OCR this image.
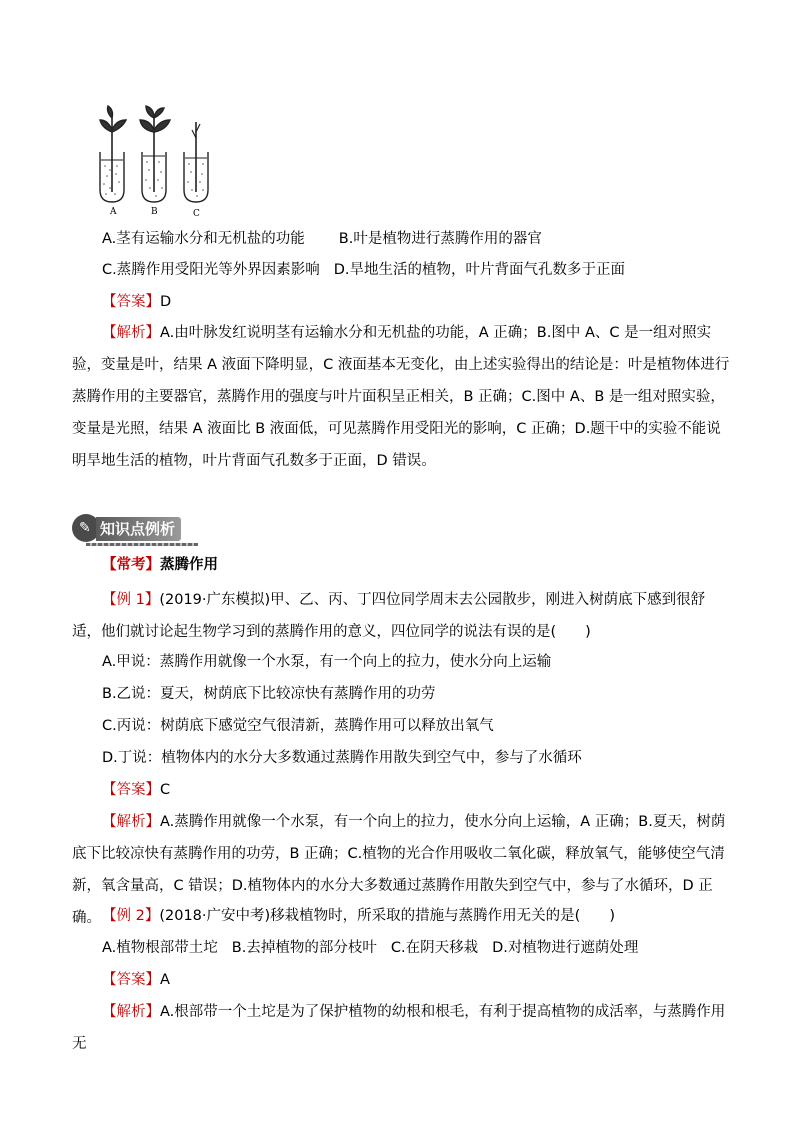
A	B	C
A.茎有运输水分和无机盐的功能 B.叶是植物进行蒸腾作用的器官
C.蒸腾作用受阳光等外界因素影响 D.旱地生活的植物，叶片背面气孔数多于正面
【答案】D
【解析】A.由叶脉发红说明茎有运输水分和无机盐的功能，A 正确；B.图中 A、C 是一组对照实验，变量是叶，结果 A 液面下降明显，C 液面基本无变化，由上述实验得出的结论是：叶是植物体进行蒸腾作用的主要器官，蒸腾作用的强度与叶片面积呈正相关，B 正确；C.图中 A、B 是一组对照实验，变量是光照，结果 A 液面比 B 液面低，可见蒸腾作用受阳光的影响，C 正确；D.题干中的实验不能说明旱地生活的植物，叶片背面气孔数多于正面，D 错误。
知识点例析
✎
【常考】蒸腾作用
【例 1】(2019·广东模拟)甲、乙、丙、丁四位同学周末去公园散步，刚进入树荫底下感到很舒适，他们就讨论起生物学习到的蒸腾作用的意义，四位同学的说法有误的是(　　)
A.甲说：蒸腾作用就像一个水泵，有一个向上的拉力，使水分向上运输
B.乙说：夏天，树荫底下比较凉快有蒸腾作用的功劳
C.丙说：树荫底下感觉空气很清新，蒸腾作用可以释放出氧气
D.丁说：植物体内的水分大多数通过蒸腾作用散失到空气中，参与了水循环
【答案】C
【解析】A.蒸腾作用就像一个水泵，有一个向上的拉力，使水分向上运输，A 正确；B.夏天，树荫底下比较凉快有蒸腾作用的功劳，B 正确；C.植物的光合作用吸收二氧化碳，释放氧气，能够使空气清新，氧含量高，C 错误；D.植物体内的水分大多数通过蒸腾作用散失到空气中，参与了水循环，D 正确。 【例 2】(2018·广安中考)移栽植物时，所采取的措施与蒸腾作用无关的是(　　)
A.植物根部带土坨 B.去掉植物的部分枝叶 C.在阴天移栽 D.对植物进行遮荫处理
【答案】A
【解析】A.根部带一个土坨是为了保护植物的幼根和根毛，有利于提高植物的成活率，与蒸腾作用无
